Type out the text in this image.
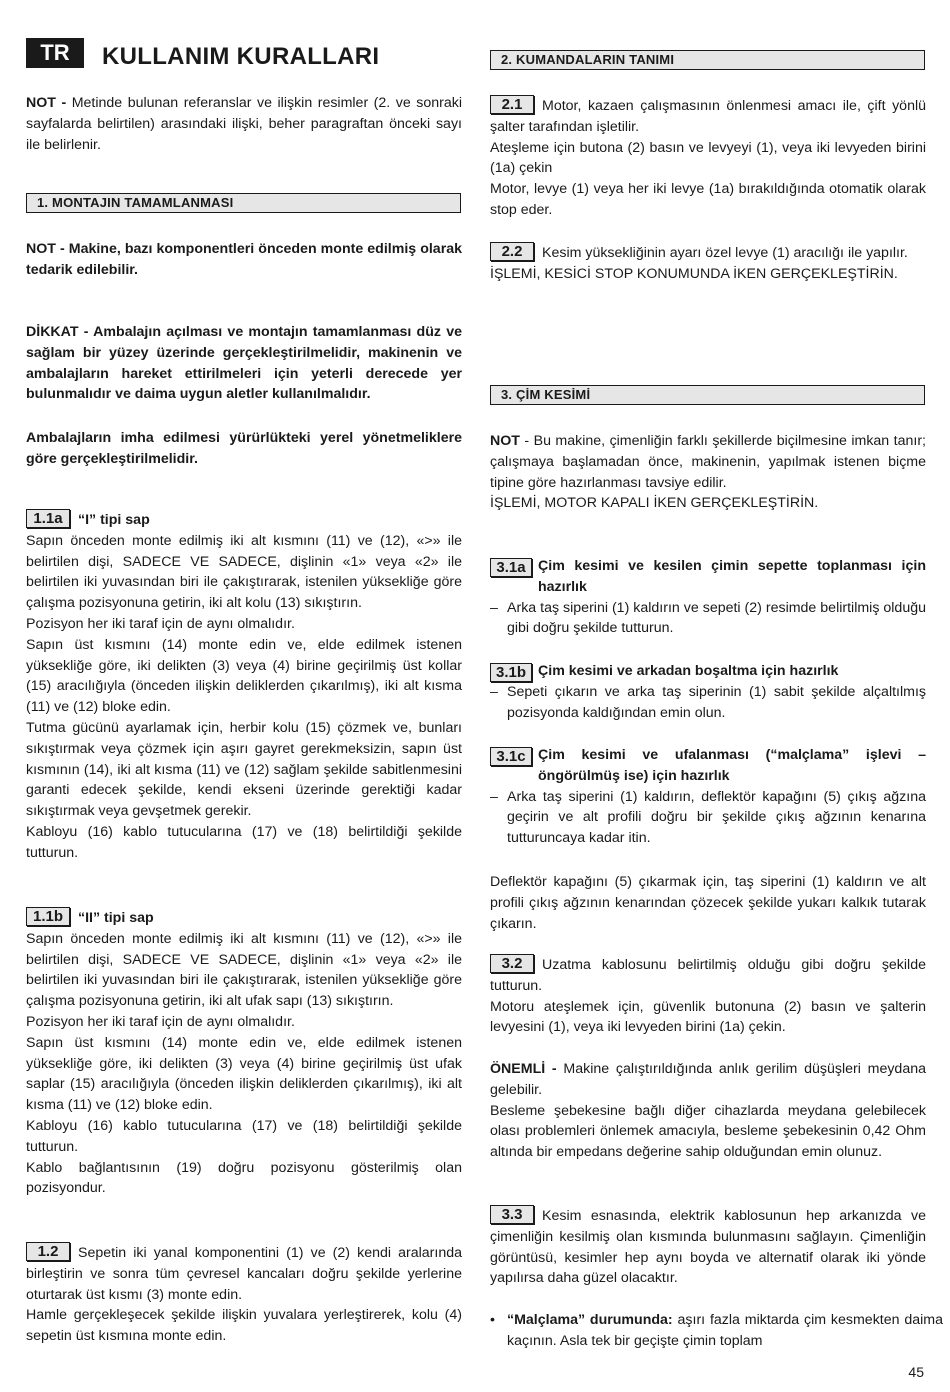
TR	KULLANIM KURALLARI

NOT - Metinde bulunan referanslar ve ilişkin resimler (2. ve sonraki sayfalarda belirtilen) arasındaki ilişki, beher paragraftan önceki sayı ile belirlenir.

1. MONTAJIN TAMAMLANMASI

NOT - Makine, bazı komponentleri önceden monte edilmiş olarak tedarik edilebilir.

DİKKAT - Ambalajın açılması ve montajın tamamlanması düz ve sağlam bir yüzey üzerinde gerçekleştirilmelidir, makinenin ve ambalajların hareket ettirilmeleri için yeterli derecede yer bulunmalıdır ve daima uygun aletler kullanılmalıdır.

Ambalajların imha edilmesi yürürlükteki yerel yönetmeliklere göre gerçekleştirilmelidir.

1.1a “I” tipi sap

Sapın önceden monte edilmiş iki alt kısmını (11) ve (12), «>» ile belirtilen dişi, SADECE VE SADECE, dişlinin «1» veya «2» ile belirtilen iki yuvasından biri ile çakıştırarak, istenilen yüksekliğe göre çalışma pozisyonuna getirin, iki alt kolu (13) sıkıştırın.

Pozisyon her iki taraf için de aynı olmalıdır.

Sapın üst kısmını (14) monte edin ve, elde edilmek istenen yüksekliğe göre, iki delikten (3) veya (4) birine geçirilmiş üst kollar (15) aracılığıyla (önceden ilişkin deliklerden çıkarılmış), iki alt kısma (11) ve (12) bloke edin.

Tutma gücünü ayarlamak için, herbir kolu (15) çözmek ve, bunları sıkıştırmak veya çözmek için aşırı gayret gerekmeksizin, sapın üst kısmının (14), iki alt kısma (11) ve (12) sağlam şekilde sabitlenmesini garanti edecek şekilde, kendi ekseni üzerinde gerektiği kadar sıkıştırmak veya gevşetmek gerekir.

Kabloyu (16) kablo tutucularına (17) ve (18) belirtildiği şekilde tutturun.

1.1b “II” tipi sap

Sapın önceden monte edilmiş iki alt kısmını (11) ve (12), «>» ile belirtilen dişi, SADECE VE SADECE, dişlinin «1» veya «2» ile belirtilen iki yuvasından biri ile çakıştırarak, istenilen yüksekliğe göre çalışma pozisyonuna getirin, iki alt ufak sapı (13) sıkıştırın.

Pozisyon her iki taraf için de aynı olmalıdır.

Sapın üst kısmını (14) monte edin ve, elde edilmek istenen yüksekliğe göre, iki delikten (3) veya (4) birine geçirilmiş üst ufak saplar (15) aracılığıyla (önceden ilişkin deliklerden çıkarılmış), iki alt kısma (11) ve (12) bloke edin.

Kabloyu (16) kablo tutucularına (17) ve (18) belirtildiği şekilde tutturun.

Kablo bağlantısının (19) doğru pozisyonu gösterilmiş olan pozisyondur.

1.2 Sepetin iki yanal komponentini (1) ve (2) kendi aralarında birleştirin ve sonra tüm çevresel kancaları doğru şekilde yerlerine oturtarak üst kısmı (3) monte edin.

Hamle gerçekleşecek şekilde ilişkin yuvalara yerleştirerek, kolu (4) sepetin üst kısmına monte edin.

2. KUMANDALARIN TANIMI

2.1 Motor, kazaen çalışmasının önlenmesi amacı ile, çift yönlü şalter tarafından işletilir.

Ateşleme için butona (2) basın ve levyeyi (1), veya iki levyeden birini (1a) çekin

Motor, levye (1) veya her iki levye (1a) bırakıldığında otomatik olarak stop eder.

2.2 Kesim yüksekliğinin ayarı özel levye (1) aracılığı ile yapılır.

İŞLEMİ, KESİCİ STOP KONUMUNDA İKEN GERÇEKLEŞTİRİN.

3. ÇİM KESİMİ

NOT - Bu makine, çimenliğin farklı şekillerde biçilmesine imkan tanır; çalışmaya başlamadan önce, makinenin, yapılmak istenen biçme tipine göre hazırlanması tavsiye edilir.

İŞLEMİ, MOTOR KAPALI İKEN GERÇEKLEŞTİRİN.

3.1a Çim kesimi ve kesilen çimin sepette toplanması için hazırlık

– Arka taş siperini (1) kaldırın ve sepeti (2) resimde belirtilmiş olduğu gibi doğru şekilde tutturun.

3.1b Çim kesimi ve arkadan boşaltma için hazırlık

– Sepeti çıkarın ve arka taş siperinin (1) sabit şekilde alçaltılmış pozisyonda kaldığından emin olun.

3.1c Çim kesimi ve ufalanması (“malçlama” işlevi – öngörülmüş ise) için hazırlık

– Arka taş siperini (1) kaldırın, deflektör kapağını (5) çıkış ağzına geçirin ve alt profili doğru bir şekilde çıkış ağzının kenarına tutturuncaya kadar itin.

Deflektör kapağını (5) çıkarmak için, taş siperini (1) kaldırın ve alt profili çıkış ağzının kenarından çözecek şekilde yukarı kalkık tutarak çıkarın.

3.2 Uzatma kablosunu belirtilmiş olduğu gibi doğru şekilde tutturun.

Motoru ateşlemek için, güvenlik butonuna (2) basın ve şalterin levyesini (1), veya iki levyeden birini (1a) çekin.

ÖNEMLİ - Makine çalıştırıldığında anlık gerilim düşüşleri meydana gelebilir.

Besleme şebekesine bağlı diğer cihazlarda meydana gelebilecek olası problemleri önlemek amacıyla, besleme şebekesinin 0,42 Ohm altında bir empedans değerine sahip olduğundan emin olunuz.

3.3 Kesim esnasında, elektrik kablosunun hep arkanızda ve çimenliğin kesilmiş olan kısmında bulunmasını sağlayın. Çimenliğin görüntüsü, kesimler hep aynı boyda ve alternatif olarak iki yönde yapılırsa daha güzel olacaktır.

• “Malçlama” durumunda: aşırı fazla miktarda çim kesmekten daima kaçının. Asla tek bir geçişte çimin toplam

45
